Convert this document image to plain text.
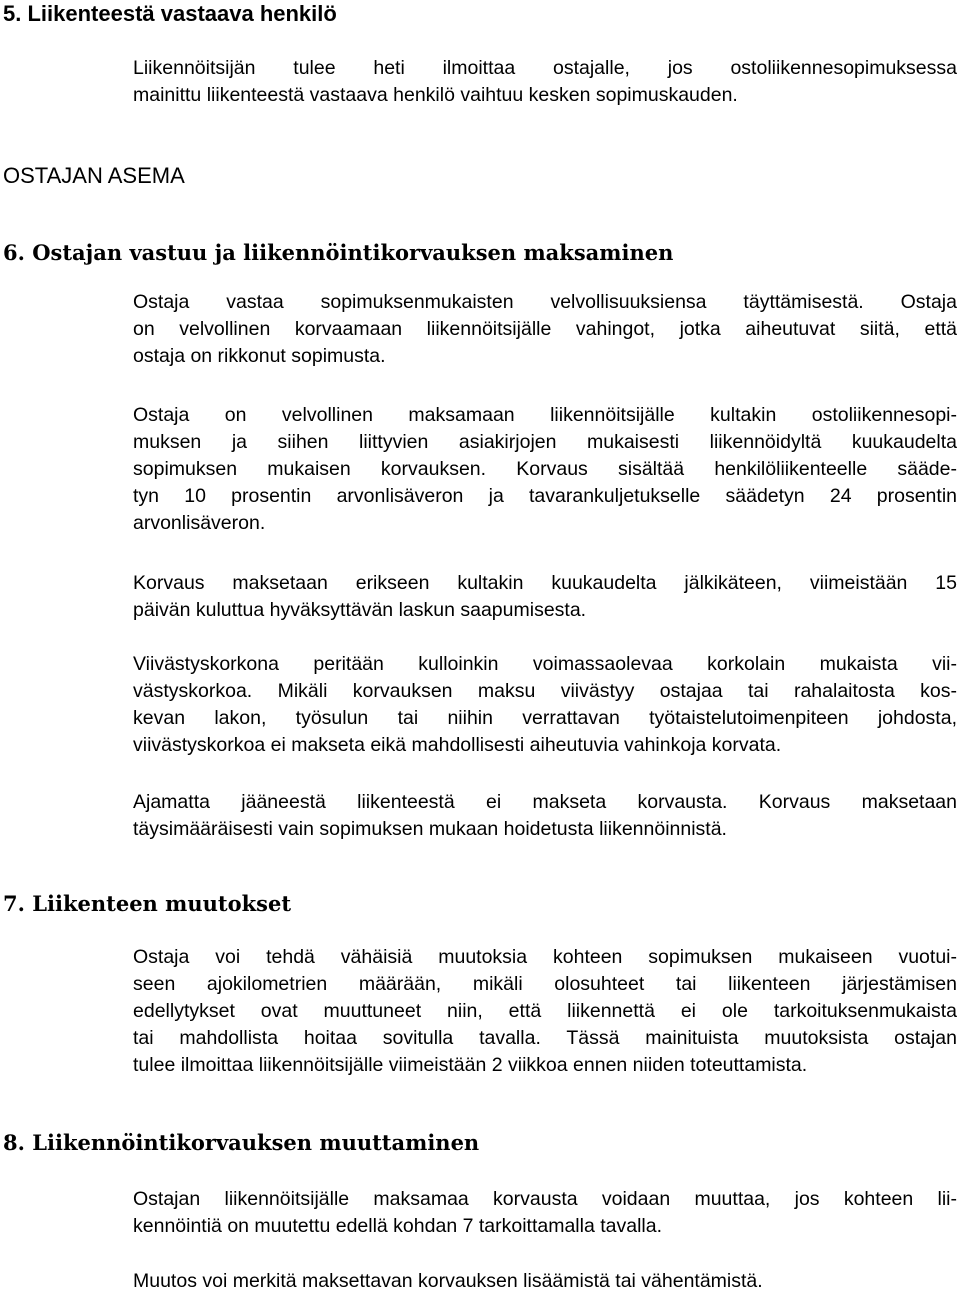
5. Liikenteestä vastaava henkilö
Liikennöitsijän tulee heti ilmoittaa ostajalle, jos ostoliikennesopimuksessa
mainittu liikenteestä vastaava henkilö vaihtuu kesken sopimuskauden.
OSTAJAN ASEMA
6. Ostajan vastuu ja liikennöintikorvauksen maksaminen
Ostaja vastaa sopimuksenmukaisten velvollisuuksiensa täyttämisestä. Ostaja
on velvollinen korvaamaan liikennöitsijälle vahingot, jotka aiheutuvat siitä, että
ostaja on rikkonut sopimusta.
Ostaja on velvollinen maksamaan liikennöitsijälle kultakin ostoliikennesopi-
muksen ja siihen liittyvien asiakirjojen mukaisesti liikennöidyltä kuukaudelta
sopimuksen mukaisen korvauksen. Korvaus sisältää henkilöliikenteelle sääde-
tyn 10 prosentin arvonlisäveron ja tavarankuljetukselle säädetyn 24 prosentin
arvonlisäveron.
Korvaus maksetaan erikseen kultakin kuukaudelta jälkikäteen, viimeistään 15
päivän kuluttua hyväksyttävän laskun saapumisesta.
Viivästyskorkona peritään kulloinkin voimassaolevaa korkolain mukaista vii-
västyskorkoa. Mikäli korvauksen maksu viivästyy ostajaa tai rahalaitosta kos-
kevan lakon, työsulun tai niihin verrattavan työtaistelutoimenpiteen johdosta,
viivästyskorkoa ei makseta eikä mahdollisesti aiheutuvia vahinkoja korvata.
Ajamatta jääneestä liikenteestä ei makseta korvausta. Korvaus maksetaan
täysimääräisesti vain sopimuksen mukaan hoidetusta liikennöinnistä.
7. Liikenteen muutokset
Ostaja voi tehdä vähäisiä muutoksia kohteen sopimuksen mukaiseen vuotui-
seen ajokilometrien määrään, mikäli olosuhteet tai liikenteen järjestämisen
edellytykset ovat muuttuneet niin, että liikennettä ei ole tarkoituksenmukaista
tai mahdollista hoitaa sovitulla tavalla. Tässä mainituista muutoksista ostajan
tulee ilmoittaa liikennöitsijälle viimeistään 2 viikkoa ennen niiden toteuttamista.
8. Liikennöintikorvauksen muuttaminen
Ostajan liikennöitsijälle maksamaa korvausta voidaan muuttaa, jos kohteen lii-
kennöintiä on muutettu edellä kohdan 7 tarkoittamalla tavalla.
Muutos voi merkitä maksettavan korvauksen lisäämistä tai vähentämistä.
